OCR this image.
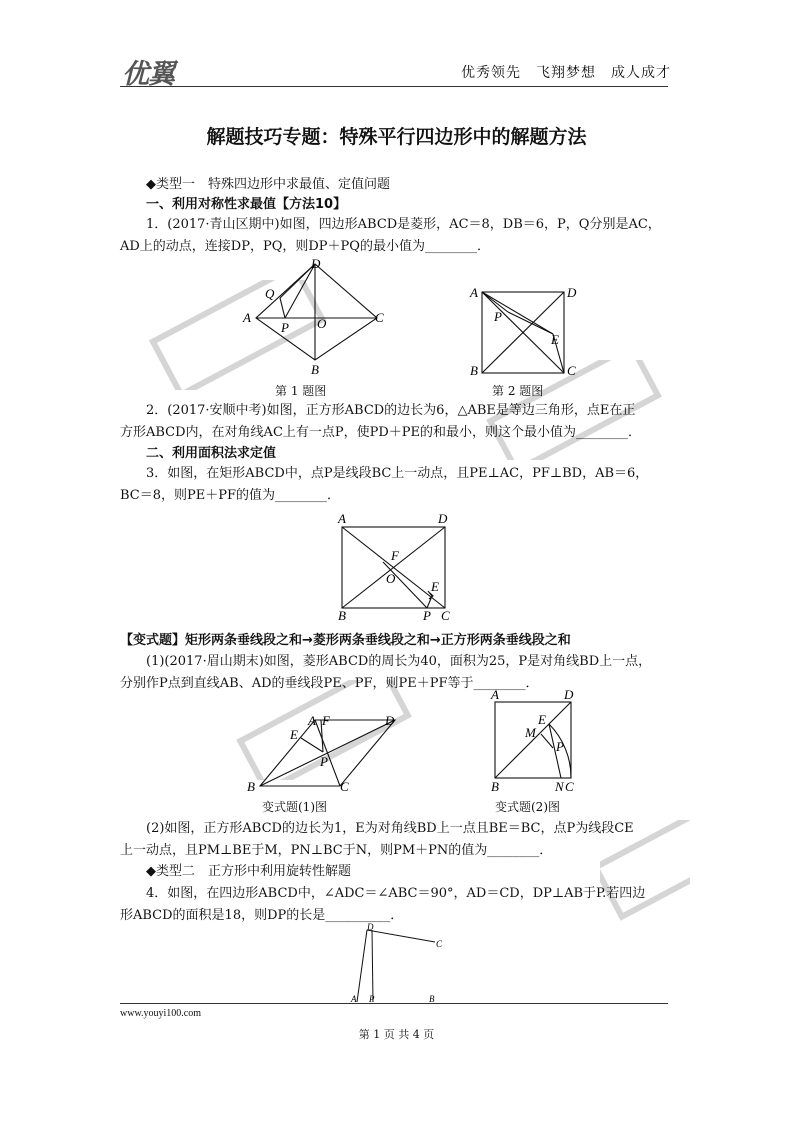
优翼	优秀领先　飞翔梦想　成人成才
解题技巧专题：特殊平行四边形中的解题方法
◆类型一　特殊四边形中求最值、定值问题
一、利用对称性求最值【方法10】
1．(2017·青山区期中)如图，四边形ABCD是菱形，AC＝8，DB＝6，P，Q分别是AC，
AD上的动点，连接DP，PQ，则DP＋PQ的最小值为________．
D
Q
A
P O	C
B
A	D
P
E
B	C
第 1 题图	第 2 题图
2．(2017·安顺中考)如图，正方形ABCD的边长为6，△ABE是等边三角形，点E在正
方形ABCD内，在对角线AC上有一点P，使PD＋PE的和最小，则这个最小值为________．
二、利用面积法求定值
3．如图，在矩形ABCD中，点P是线段BC上一动点，且PE⊥AC，PF⊥BD，AB＝6，
BC＝8，则PE＋PF的值为________．
A	D
F
O
E
B	P C
【变式题】矩形两条垂线段之和→菱形两条垂线段之和→正方形两条垂线段之和
(1)(2017·眉山期末)如图，菱形ABCD的周长为40，面积为25，P是对角线BD上一点，
分别作P点到直线AB、AD的垂线段PE、PF，则PE＋PF等于________．
A F	D
E
P
B	C
A	D
E
M
P
B	N C
变式题(1)图	变式题(2)图
(2)如图，正方形ABCD的边长为1，E为对角线BD上一点且BE＝BC，点P为线段CE
上一动点，且PM⊥BE于M，PN⊥BC于N，则PM＋PN的值为________．
◆类型二　正方形中利用旋转性解题
4．如图，在四边形ABCD中，∠ADC＝∠ABC＝90°，AD＝CD，DP⊥AB于P.若四边
形ABCD的面积是18，则DP的长是__________．
D
C
A P	B
www.youyi100.com
第 1 页 共 4 页
